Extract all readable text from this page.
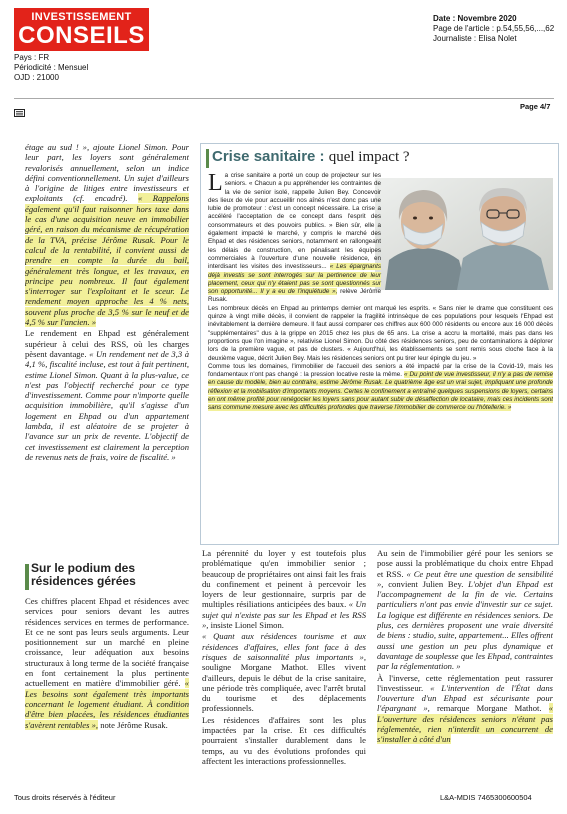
INVESTISSEMENT
CONSEILS
Pays : FR
Périodicité : Mensuel
OJD : 21000
Date : Novembre 2020
Page de l'article : p.54,55,56,...,62
Journaliste : Elisa Nolet
Page 4/7

étage au sud ! », ajoute Lionel Simon. Pour leur part, les loyers sont généralement revalorisés annuellement, selon un indice défini conventionnellement. Un sujet d'ailleurs à l'origine de litiges entre investisseurs et exploitants (cf. encadré). « Rappelons également qu'il faut raisonner hors taxe dans le cas d'une acquisition neuve en immobilier géré, en raison du mécanisme de récupération de la TVA, précise Jérôme Rusak. Pour le calcul de la rentabilité, il convient aussi de prendre en compte la durée du bail, généralement très longue, et les travaux, en principe peu nombreux. Il faut également s'interroger sur l'exploitant et le sceur. Le rendement moyen approche les 4 % nets, souvent plus proche de 3,5 % sur le neuf et de 4,5 % sur l'ancien. »

Le rendement en Ehpad est généralement supérieur à celui des RSS, où les charges pèsent davantage. « Un rendement net de 3,3 à 4,1 %, fiscalité incluse, est tout à fait pertinent, estime Lionel Simon. Quant à la plus-value, ce n'est pas l'objectif recherché pour ce type d'investissement. Comme pour n'importe quelle acquisition immobilière, qu'il s'agisse d'un logement en Ehpad ou d'un appartement lambda, il est aléatoire de se projeter à l'avance sur un prix de revente. L'objectif de cet investissement est clairement la perception de revenus nets de frais, voire de fiscalité. »

Sur le podium des résidences gérées

Ces chiffres placent Ehpad et résidences avec services pour seniors devant les autres résidences services en termes de performance. Et ce ne sont pas leurs seuls arguments. Leur positionnement sur un marché en pleine croissance, leur adéquation aux besoins structuraux à long terme de la société française en font certainement la plus pertinente actuellement en matière d'immobilier géré. « Les besoins sont également très importants concernant le logement étudiant. À condition d'être bien placées, les résidences étudiantes s'avèrent rentables », note Jérôme Rusak.

Crise sanitaire : quel impact ?
La crise sanitaire a porté un coup de projecteur sur les seniors. « Chacun a pu appréhender les contraintes de la vie de senior isolé, rappelle Julien Bey. Concevoir des lieux de vie pour accueillir nos aînés n'est donc pas une lubie de promoteur : c'est un concept nécessaire. La crise a accéléré l'acceptation de ce concept dans l'esprit des consommateurs et des pouvoirs publics. » Bien sûr, elle a également impacté le marché, y compris le marché des Ehpad et des résidences seniors, notamment en rallongeant les délais de construction, en pénalisant les équipes commerciales à l'ouverture d'une nouvelle résidence, en interdisant les visites des investisseurs... « Les épargnants déjà investis se sont interrogés sur la pertinence de leur placement, ceux qui n'y étaient pas se sont questionnés sur son opportunité... Il y a eu de l'inquiétude », relève Jérôme Rusak.
Les nombreux décès en Ehpad au printemps dernier ont marqué les esprits. « Sans nier le drame que constituent ces quinze à vingt mille décès, il convient de rappeler la fragilité intrinsèque de ces populations pour lesquels l'Ehpad est inévitablement la dernière demeure. Il faut aussi comparer ces chiffres aux 600 000 résidents ou encore aux 16 000 décès "supplémentaires" dus à la grippe en 2015 chez les plus de 65 ans. La crise a accru la mortalité, mais pas dans les proportions que l'on imagine », relativise Lionel Simon. Du côté des résidences seniors, peu de contaminations à déplorer lors de la première vague, et pas de clusters. « Aujourd'hui, les établissements se sont remis sous cloche face à la deuxième vague, décrit Julien Bey. Mais les résidences seniors ont pu tirer leur épingle du jeu. »
Comme tous les domaines, l'immobilier de l'accueil des seniors a été impacté par la crise de la Covid-19, mais les fondamentaux n'ont pas changé : la pression locative reste la même. « Du point de vue investisseur, il n'y a pas de remise en cause du modèle, bien au contraire, estime Jérôme Rusak. Le quatrième âge est un vrai sujet, impliquant une profonde réflexion et la mobilisation d'importants moyens. Certes le confinement a entraîné quelques suspensions de loyers, certains en ont même profité pour renégocier les loyers sans pour autant subir de désaffection de locataire, mais ces incidents sont sans commune mesure avec les difficultés profondes que traverse l'immobilier de commerce ou l'hôtellerie. »

La pérennité du loyer y est toutefois plus problématique qu'en immobilier senior ; beaucoup de propriétaires ont ainsi fait les frais du confinement et peinent à percevoir les loyers de leur gestionnaire, surpris par de multiples résiliations anticipées des baux. « Un sujet qui n'existe pas sur les Ehpad et les RSS », insiste Lionel Simon.

« Quant aux résidences tourisme et aux résidences d'affaires, elles font face à des risques de saisonnalité plus importants », souligne Morgane Mathot. Elles vivent d'ailleurs, depuis le début de la crise sanitaire, une période très compliquée, avec l'arrêt brutal du tourisme et des déplacements professionnels.

Les résidences d'affaires sont les plus impactées par la crise. Et ces difficultés pourraient s'installer durablement dans le temps, au vu des évolutions profondes qui affectent les interactions professionnelles.

Au sein de l'immobilier géré pour les seniors se pose aussi la problématique du choix entre Ehpad et RSS. « Ce peut être une question de sensibilité », convient Julien Bey. L'objet d'un Ehpad est l'accompagnement de la fin de vie. Certains particuliers n'ont pas envie d'investir sur ce sujet. La logique est différente en résidences seniors. De plus, ces dernières proposent une vraie diversité de biens : studio, suite, appartement... Elles offrent aussi une gestion un peu plus dynamique et davantage de souplesse que les Ehpad, contraintes par la réglementation. »

À l'inverse, cette réglementation peut rassurer l'investisseur. « L'intervention de l'État dans l'ouverture d'un Ehpad est sécurisante pour l'épargnant », remarque Morgane Mathot. « L'ouverture des résidences seniors n'étant pas réglementée, rien n'interdit un concurrent de s'installer à côté d'un

Tous droits réservés à l'éditeur	L&A-MDIS 7465300600504
